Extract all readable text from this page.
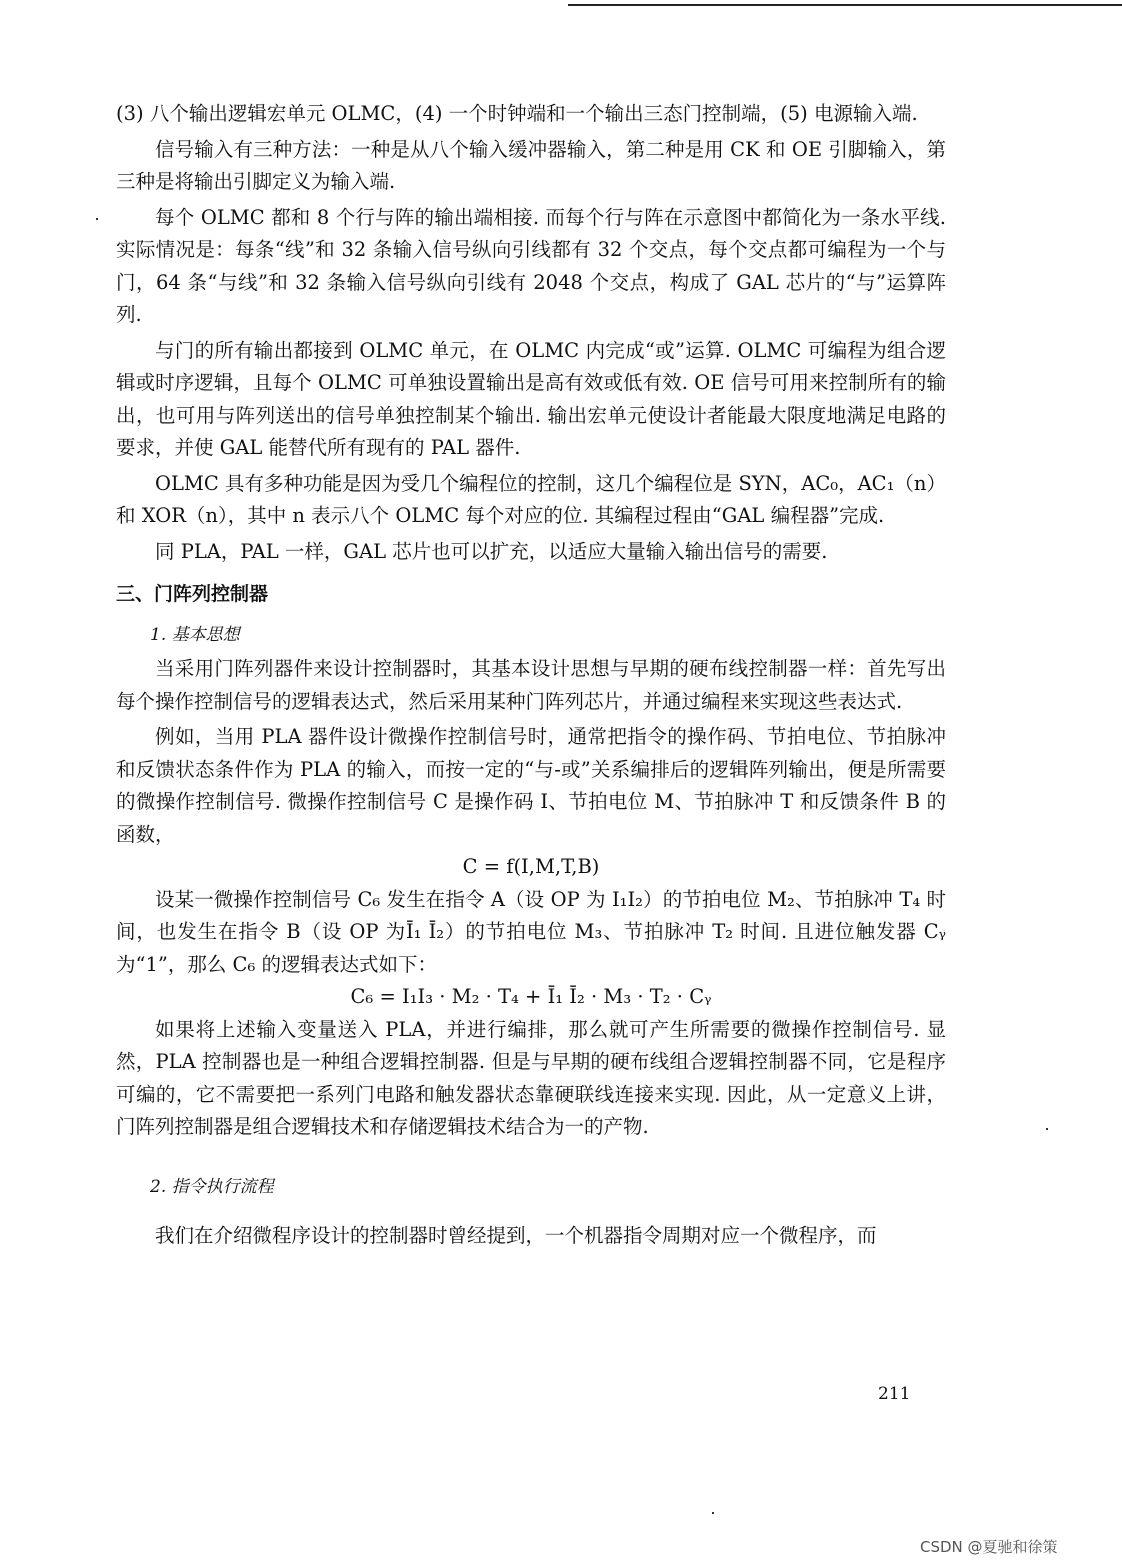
(3) 八个输出逻辑宏单元 OLMC，(4) 一个时钟端和一个输出三态门控制端，(5) 电源输入端.

信号输入有三种方法：一种是从八个输入缓冲器输入，第二种是用 CK 和 OE 引脚输入，第三种是将输出引脚定义为输入端.

每个 OLMC 都和 8 个行与阵的输出端相接. 而每个行与阵在示意图中都简化为一条水平线. 实际情况是：每条“线”和 32 条输入信号纵向引线都有 32 个交点，每个交点都可编程为一个与门，64 条“与线”和 32 条输入信号纵向引线有 2048 个交点，构成了 GAL 芯片的“与”运算阵列.

与门的所有输出都接到 OLMC 单元，在 OLMC 内完成“或”运算. OLMC 可编程为组合逻辑或时序逻辑，且每个 OLMC 可单独设置输出是高有效或低有效. OE 信号可用来控制所有的输出，也可用与阵列送出的信号单独控制某个输出. 输出宏单元使设计者能最大限度地满足电路的要求，并使 GAL 能替代所有现有的 PAL 器件.

OLMC 具有多种功能是因为受几个编程位的控制，这几个编程位是 SYN，AC₀，AC₁（n）和 XOR（n），其中 n 表示八个 OLMC 每个对应的位. 其编程过程由“GAL 编程器”完成.

同 PLA，PAL 一样，GAL 芯片也可以扩充，以适应大量输入输出信号的需要.

三、门阵列控制器
1. 基本思想

当采用门阵列器件来设计控制器时，其基本设计思想与早期的硬布线控制器一样：首先写出每个操作控制信号的逻辑表达式，然后采用某种门阵列芯片，并通过编程来实现这些表达式.

例如，当用 PLA 器件设计微操作控制信号时，通常把指令的操作码、节拍电位、节拍脉冲和反馈状态条件作为 PLA 的输入，而按一定的“与-或”关系编排后的逻辑阵列输出，便是所需要的微操作控制信号. 微操作控制信号 C 是操作码 I、节拍电位 M、节拍脉冲 T 和反馈条件 B 的函数，

C = f(I,M,T,B)

设某一微操作控制信号 C₆ 发生在指令 A（设 OP 为 I₁I₂）的节拍电位 M₂、节拍脉冲 T₄ 时间，也发生在指令 B（设 OP 为Ī₁ Ī₂）的节拍电位 M₃、节拍脉冲 T₂ 时间. 且进位触发器 Cᵧ 为“1”，那么 C₆ 的逻辑表达式如下：

C₆ = I₁I₃ · M₂ · T₄ + Ī₁ Ī₂ · M₃ · T₂ · Cᵧ

如果将上述输入变量送入 PLA，并进行编排，那么就可产生所需要的微操作控制信号. 显然，PLA 控制器也是一种组合逻辑控制器. 但是与早期的硬布线组合逻辑控制器不同，它是程序可编的，它不需要把一系列门电路和触发器状态靠硬联线连接来实现. 因此，从一定意义上讲，门阵列控制器是组合逻辑技术和存储逻辑技术结合为一的产物.

2. 指令执行流程

我们在介绍微程序设计的控制器时曾经提到，一个机器指令周期对应一个微程序，而

211
CSDN @夏驰和徐策
